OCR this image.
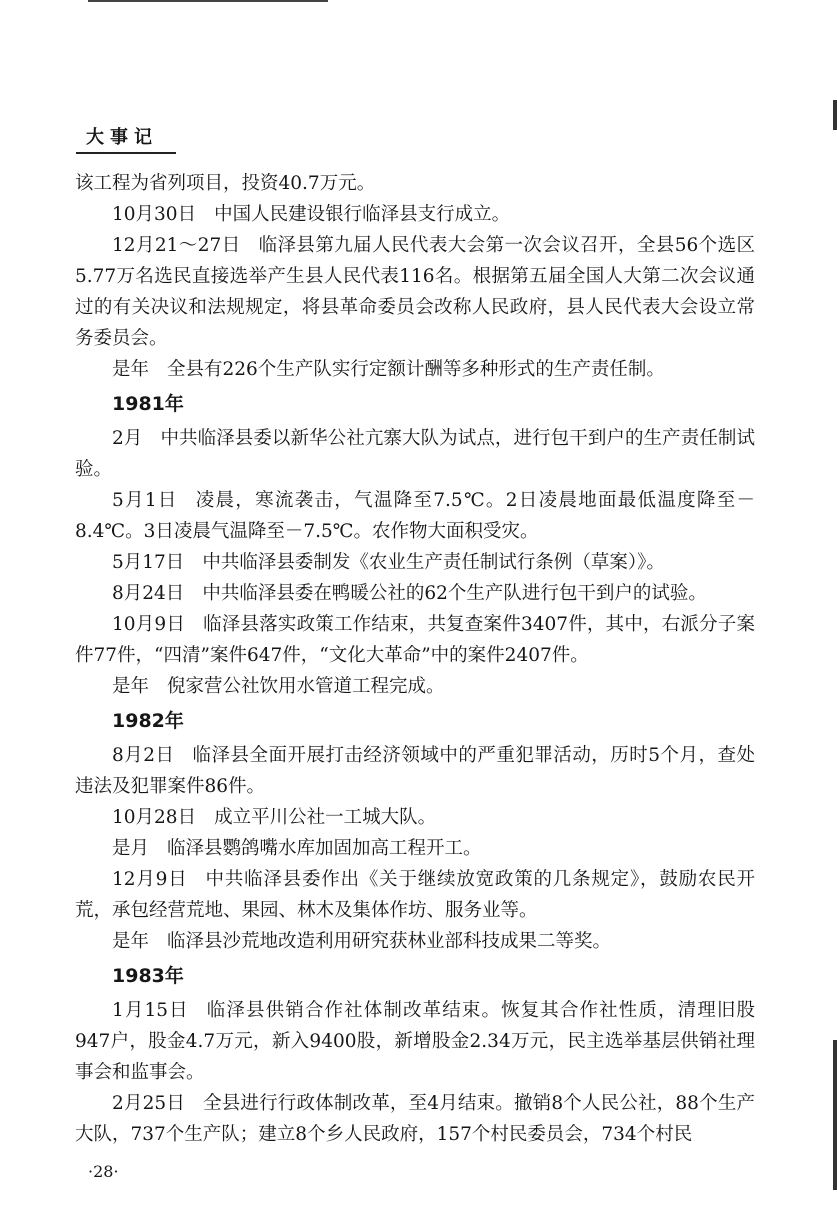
大事记

该工程为省列项目，投资40.7万元。

10月30日 中国人民建设银行临泽县支行成立。

12月21～27日 临泽县第九届人民代表大会第一次会议召开，全县56个选区5.77万名选民直接选举产生县人民代表116名。根据第五届全国人大第二次会议通过的有关决议和法规规定，将县革命委员会改称人民政府，县人民代表大会设立常务委员会。

是年 全县有226个生产队实行定额计酬等多种形式的生产责任制。

1981年

2月 中共临泽县委以新华公社亢寨大队为试点，进行包干到户的生产责任制试验。

5月1日 凌晨，寒流袭击，气温降至7.5℃。2日凌晨地面最低温度降至－8.4℃。3日凌晨气温降至－7.5℃。农作物大面积受灾。

5月17日 中共临泽县委制发《农业生产责任制试行条例（草案）》。

8月24日 中共临泽县委在鸭暖公社的62个生产队进行包干到户的试验。

10月9日 临泽县落实政策工作结束，共复查案件3407件，其中，右派分子案件77件，“四清”案件647件，“文化大革命”中的案件2407件。

是年 倪家营公社饮用水管道工程完成。

1982年

8月2日 临泽县全面开展打击经济领域中的严重犯罪活动，历时5个月，查处违法及犯罪案件86件。

10月28日 成立平川公社一工城大队。

是月 临泽县鹦鸽嘴水库加固加高工程开工。

12月9日 中共临泽县委作出《关于继续放宽政策的几条规定》，鼓励农民开荒，承包经营荒地、果园、林木及集体作坊、服务业等。

是年 临泽县沙荒地改造利用研究获林业部科技成果二等奖。

1983年

1月15日 临泽县供销合作社体制改革结束。恢复其合作社性质，清理旧股947户，股金4.7万元，新入9400股，新增股金2.34万元，民主选举基层供销社理事会和监事会。

2月25日 全县进行行政体制改革，至4月结束。撤销8个人民公社，88个生产大队，737个生产队；建立8个乡人民政府，157个村民委员会，734个村民

·28·
